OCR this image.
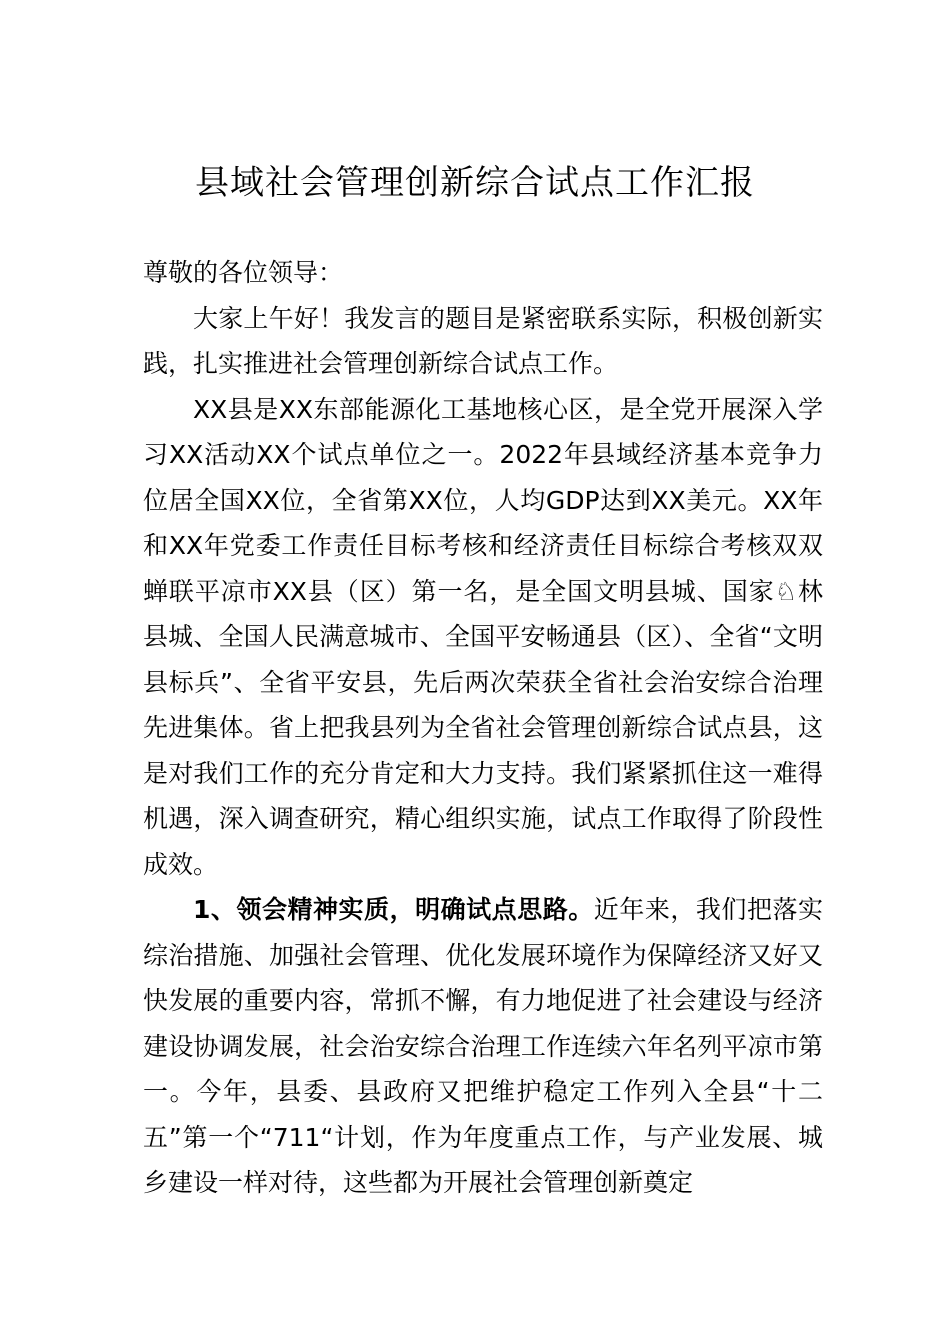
县域社会管理创新综合试点工作汇报

尊敬的各位领导：

大家上午好！我发言的题目是紧密联系实际，积极创新实践，扎实推进社会管理创新综合试点工作。

XX县是XX东部能源化工基地核心区，是全党开展深入学习XX活动XX个试点单位之一。2022年县域经济基本竞争力位居全国XX位，全省第XX位，人均GDP达到XX美元。XX年和XX年党委工作责任目标考核和经济责任目标综合考核双双蝉联平凉市XX县（区）第一名，是全国文明县城、国家♘林县城、全国人民满意城市、全国平安畅通县（区）、全省“文明县标兵”、全省平安县，先后两次荣获全省社会治安综合治理先进集体。省上把我县列为全省社会管理创新综合试点县，这是对我们工作的充分肯定和大力支持。我们紧紧抓住这一难得机遇，深入调查研究，精心组织实施，试点工作取得了阶段性成效。

1、领会精神实质，明确试点思路。近年来，我们把落实综治措施、加强社会管理、优化发展环境作为保障经济又好又快发展的重要内容，常抓不懈，有力地促进了社会建设与经济建设协调发展，社会治安综合治理工作连续六年名列平凉市第一。今年，县委、县政府又把维护稳定工作列入全县“十二五”第一个“711“计划，作为年度重点工作，与产业发展、城乡建设一样对待，这些都为开展社会管理创新奠定
